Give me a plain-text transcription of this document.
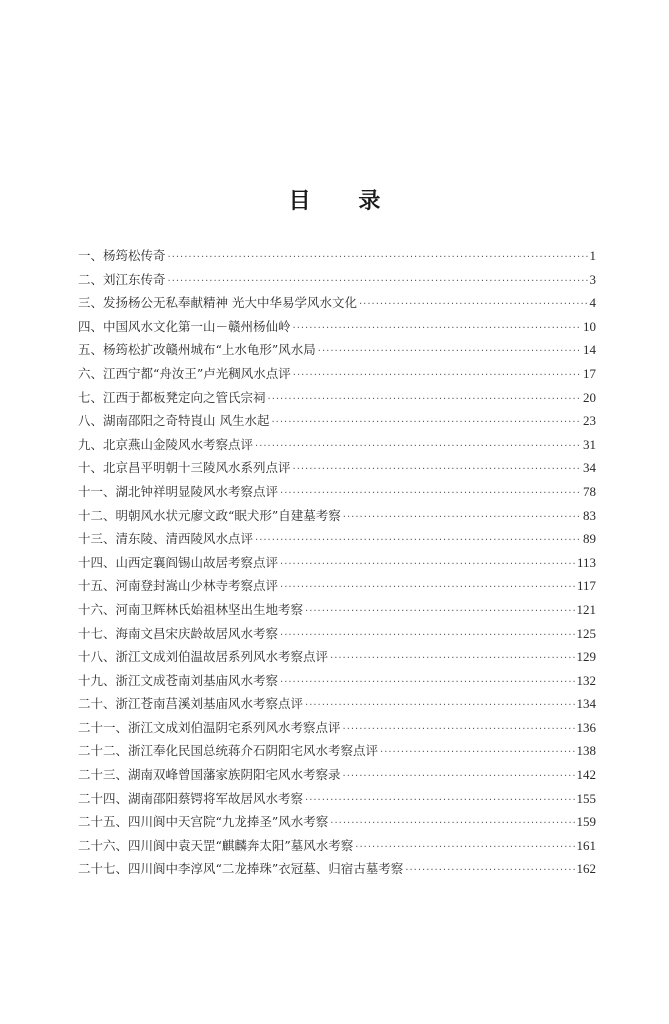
目 录
一、杨筠松传奇 ·····	1
二、刘江东传奇 ·····	3
三、发扬杨公无私奉献精神 光大中华易学风水文化 ·····	4
四、中国风水文化第一山－赣州杨仙岭 ·····	10
五、杨筠松扩改赣州城布“上水龟形”风水局 ·····	14
六、江西宁都“舟汝王”卢光稠风水点评 ·····	17
七、江西于都板凳定向之管氏宗祠 ·····	20
八、湖南邵阳之奇特崀山 风生水起 ·····	23
九、北京燕山金陵风水考察点评 ·····	31
十、北京昌平明朝十三陵风水系列点评 ·····	34
十一、湖北钟祥明显陵风水考察点评 ·····	78
十二、明朝风水状元廖文政“眠犬形”自建墓考察 ·····	83
十三、清东陵、清西陵风水点评 ·····	89
十四、山西定襄阎锡山故居考察点评 ·····	113
十五、河南登封嵩山少林寺考察点评 ·····	117
十六、河南卫辉林氏始祖林坚出生地考察 ·····	121
十七、海南文昌宋庆龄故居风水考察 ·····	125
十八、浙江文成刘伯温故居系列风水考察点评 ·····	129
十九、浙江文成苍南刘基庙风水考察 ·····	132
二十、浙江苍南莒溪刘基庙风水考察点评 ·····	134
二十一、浙江文成刘伯温阴宅系列风水考察点评 ·····	136
二十二、浙江奉化民国总统蒋介石阴阳宅风水考察点评 ·····	138
二十三、湖南双峰曾国藩家族阴阳宅风水考察录 ·····	142
二十四、湖南邵阳蔡锷将军故居风水考察 ·····	155
二十五、四川阆中天宫院“九龙捧圣”风水考察 ·····	159
二十六、四川阆中袁天罡“麒麟奔太阳”墓风水考察 ·····	161
二十七、四川阆中李淳风“二龙捧珠”衣冠墓、归宿古墓考察 ·····	162
